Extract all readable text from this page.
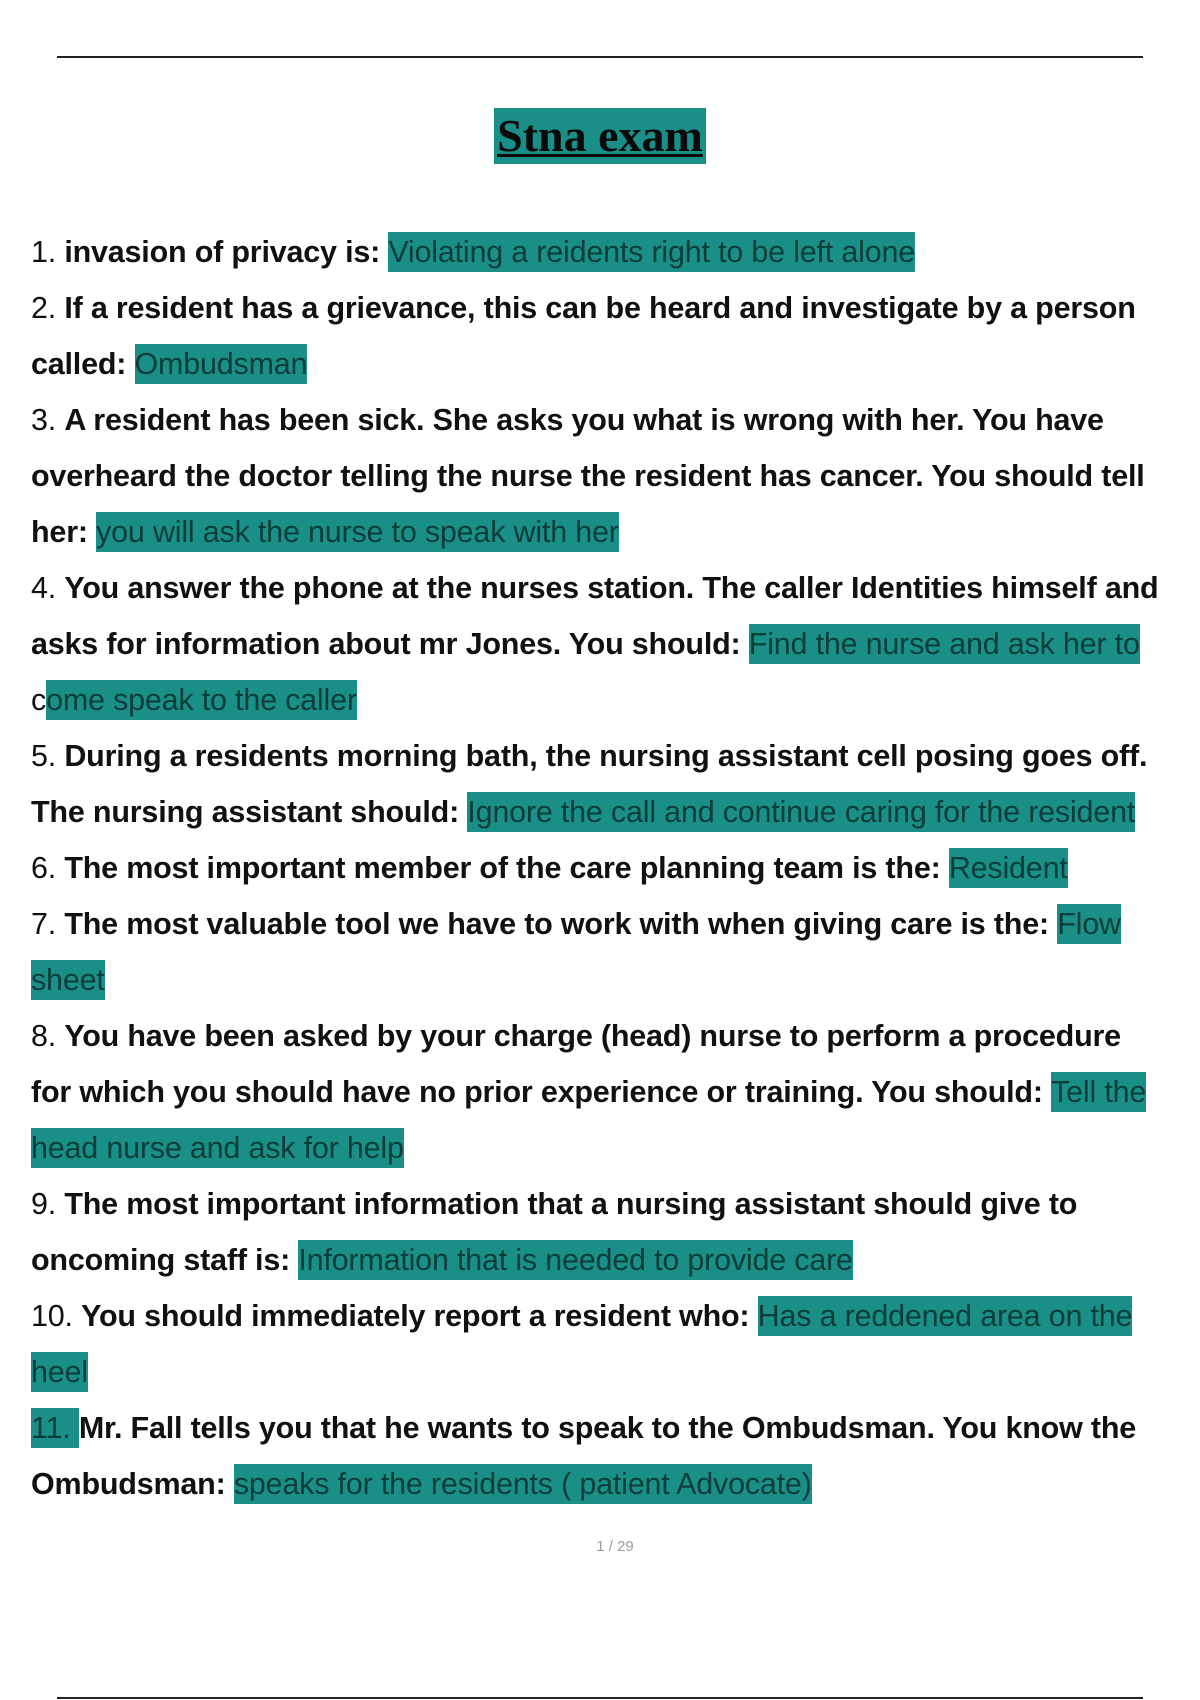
Stna exam
1. invasion of privacy is: Violating a reidents right to be left alone
2. If a resident has a grievance, this can be heard and investigate by a person
called: Ombudsman
3. A resident has been sick. She asks you what is wrong with her. You have
overheard the doctor telling the nurse the resident has cancer. You should tell
her: you will ask the nurse to speak with her
4. You answer the phone at the nurses station. The caller Identities himself and
asks for information about mr Jones. You should: Find the nurse and ask her to
come speak to the caller
5. During a residents morning bath, the nursing assistant cell posing goes off.
The nursing assistant should: Ignore the call and continue caring for the resident
6. The most important member of the care planning team is the: Resident
7. The most valuable tool we have to work with when giving care is the: Flow
sheet
8. You have been asked by your charge (head) nurse to perform a procedure
for which you should have no prior experience or training. You should: Tell the
head nurse and ask for help
9. The most important information that a nursing assistant should give to
oncoming staff is: Information that is needed to provide care
10. You should immediately report a resident who: Has a reddened area on the
heel
11. Mr. Fall tells you that he wants to speak to the Ombudsman. You know the
Ombudsman: speaks for the residents ( patient Advocate)
1 / 29
